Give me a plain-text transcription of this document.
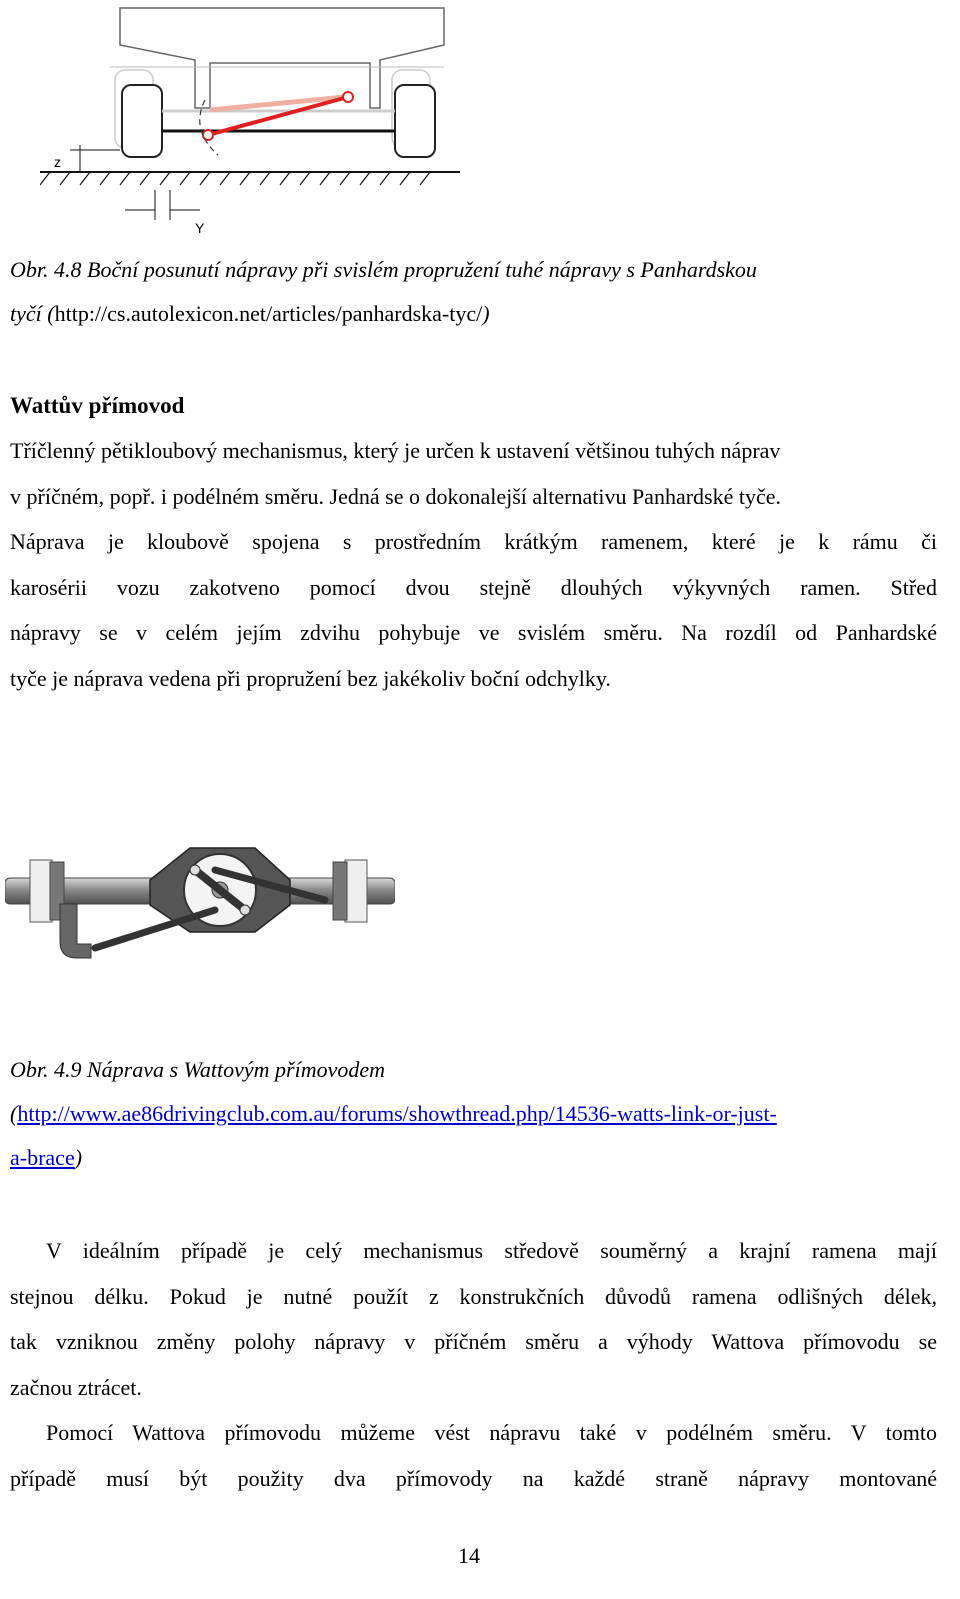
z
Y
Obr. 4.8 Boční posunutí nápravy při svislém propružení tuhé nápravy s Panhardskou
tyčí (http://cs.autolexicon.net/articles/panhardska-tyc/)
Wattův přímovod
Tříčlenný pětikloubový mechanismus, který je určen k ustavení většinou tuhých náprav
v příčném, popř. i podélném směru. Jedná se o dokonalejší alternativu Panhardské tyče.
Náprava je kloubově spojena s prostředním krátkým ramenem, které je k rámu či
karosérii vozu zakotveno pomocí dvou stejně dlouhých výkyvných ramen. Střed
nápravy se v celém jejím zdvihu pohybuje ve svislém směru. Na rozdíl od Panhardské
tyče je náprava vedena při propružení bez jakékoliv boční odchylky.
Obr. 4.9 Náprava s Wattovým přímovodem
(http://www.ae86drivingclub.com.au/forums/showthread.php/14536-watts-link-or-just-
a-brace)
V ideálním případě je celý mechanismus středově souměrný a krajní ramena mají
stejnou délku. Pokud je nutné použít z konstrukčních důvodů ramena odlišných délek,
tak vzniknou změny polohy nápravy v příčném směru a výhody Wattova přímovodu se
začnou ztrácet.
Pomocí Wattova přímovodu můžeme vést nápravu také v podélném směru. V tomto
případě musí být použity dva přímovody na každé straně nápravy montované
14
